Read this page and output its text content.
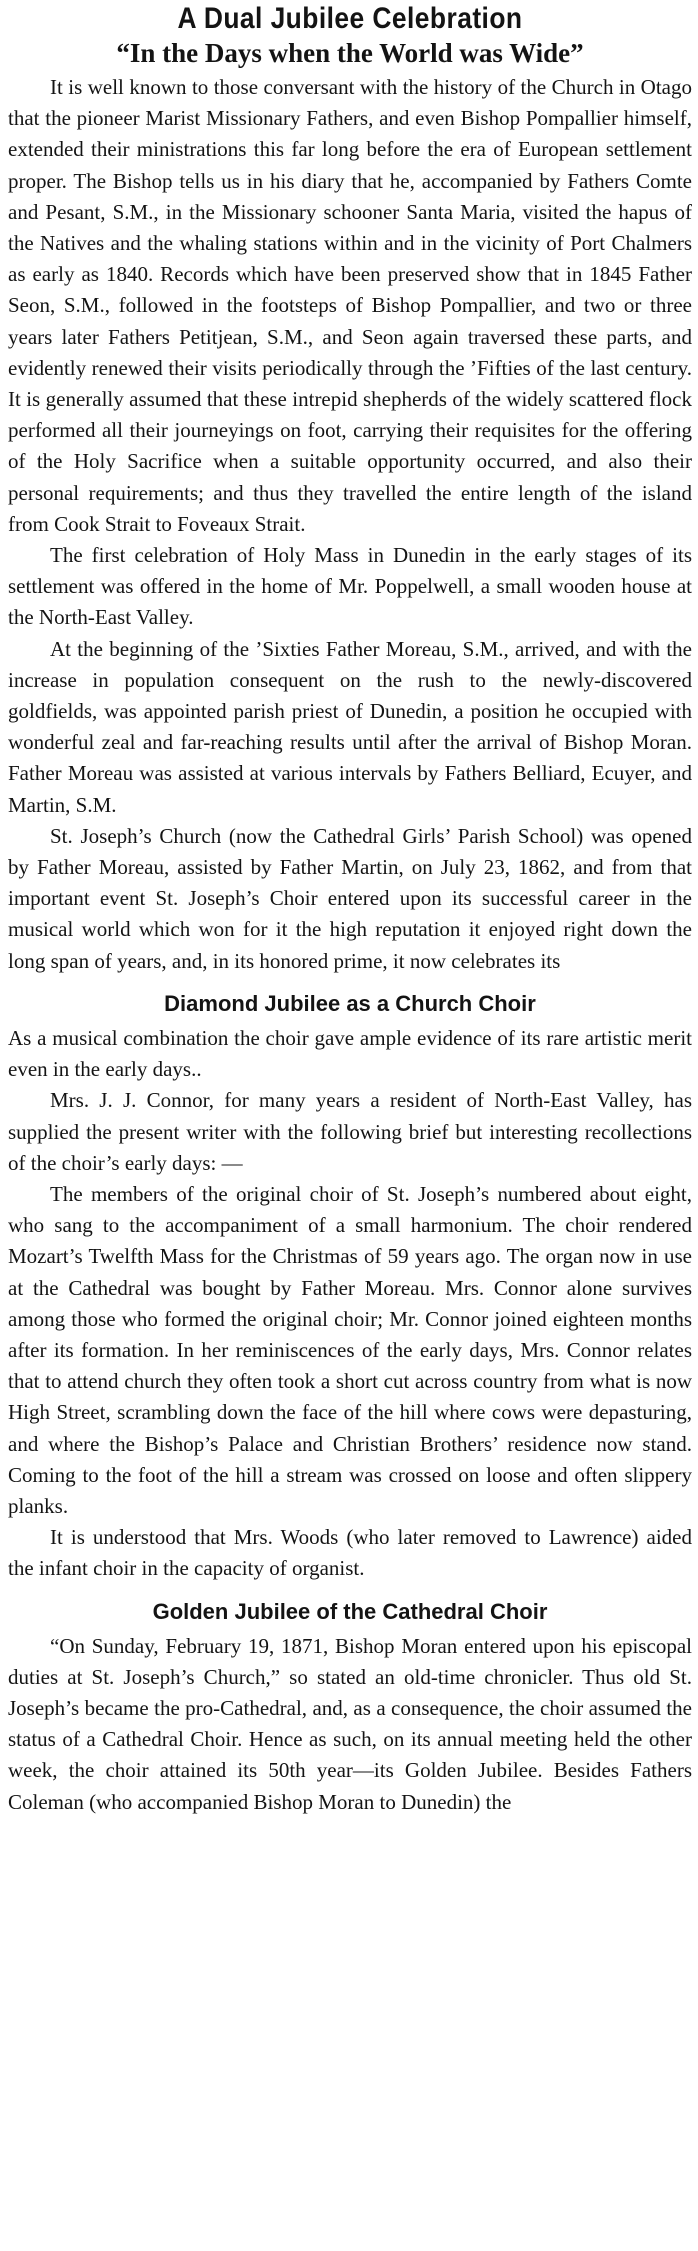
A Dual Jubilee Celebration
“In the Days when the World was Wide”

It is well known to those conversant with the history of the Church in Otago that the pioneer Marist Missionary Fathers, and even Bishop Pompallier himself, extended their ministrations this far long before the era of European settlement proper. The Bishop tells us in his diary that he, accompanied by Fathers Comte and Pesant, S.M., in the Missionary schooner Santa Maria, visited the hapus of the Natives and the whaling stations within and in the vicinity of Port Chalmers as early as 1840. Records which have been preserved show that in 1845 Father Seon, S.M., followed in the footsteps of Bishop Pompallier, and two or three years later Fathers Petitjean, S.M., and Seon again traversed these parts, and evidently renewed their visits periodically through the ’Fifties of the last century. It is generally assumed that these intrepid shepherds of the widely scattered flock performed all their journeyings on foot, carrying their requisites for the offering of the Holy Sacrifice when a suitable opportunity occurred, and also their personal requirements; and thus they travelled the entire length of the island from Cook Strait to Foveaux Strait.

The first celebration of Holy Mass in Dunedin in the early stages of its settlement was offered in the home of Mr. Poppelwell, a small wooden house at the North-East Valley.

At the beginning of the ’Sixties Father Moreau, S.M., arrived, and with the increase in population consequent on the rush to the newly-discovered goldfields, was appointed parish priest of Dunedin, a position he occupied with wonderful zeal and far-reaching results until after the arrival of Bishop Moran. Father Moreau was assisted at various intervals by Fathers Belliard, Ecuyer, and Martin, S.M.

St. Joseph’s Church (now the Cathedral Girls’ Parish School) was opened by Father Moreau, assisted by Father Martin, on July 23, 1862, and from that important event St. Joseph’s Choir entered upon its successful career in the musical world which won for it the high reputation it enjoyed right down the long span of years, and, in its honored prime, it now celebrates its

Diamond Jubilee as a Church Choir

As a musical combination the choir gave ample evidence of its rare artistic merit even in the early days..

Mrs. J. J. Connor, for many years a resident of North-East Valley, has supplied the present writer with the following brief but interesting recollections of the choir’s early days: —

The members of the original choir of St. Joseph’s numbered about eight, who sang to the accompaniment of a small harmonium. The choir rendered Mozart’s Twelfth Mass for the Christmas of 59 years ago. The organ now in use at the Cathedral was bought by Father Moreau. Mrs. Connor alone survives among those who formed the original choir; Mr. Connor joined eighteen months after its formation. In her reminiscences of the early days, Mrs. Connor relates that to attend church they often took a short cut across country from what is now High Street, scrambling down the face of the hill where cows were depasturing, and where the Bishop’s Palace and Christian Brothers’ residence now stand. Coming to the foot of the hill a stream was crossed on loose and often slippery planks.

It is understood that Mrs. Woods (who later removed to Lawrence) aided the infant choir in the capacity of organist.

Golden Jubilee of the Cathedral Choir

“On Sunday, February 19, 1871, Bishop Moran entered upon his episcopal duties at St. Joseph’s Church,” so stated an old-time chronicler. Thus old St. Joseph’s became the pro-Cathedral, and, as a consequence, the choir assumed the status of a Cathedral Choir. Hence as such, on its annual meeting held the other week, the choir attained its 50th year—its Golden Jubilee. Besides Fathers Coleman (who accompanied Bishop Moran to Dunedin) the
